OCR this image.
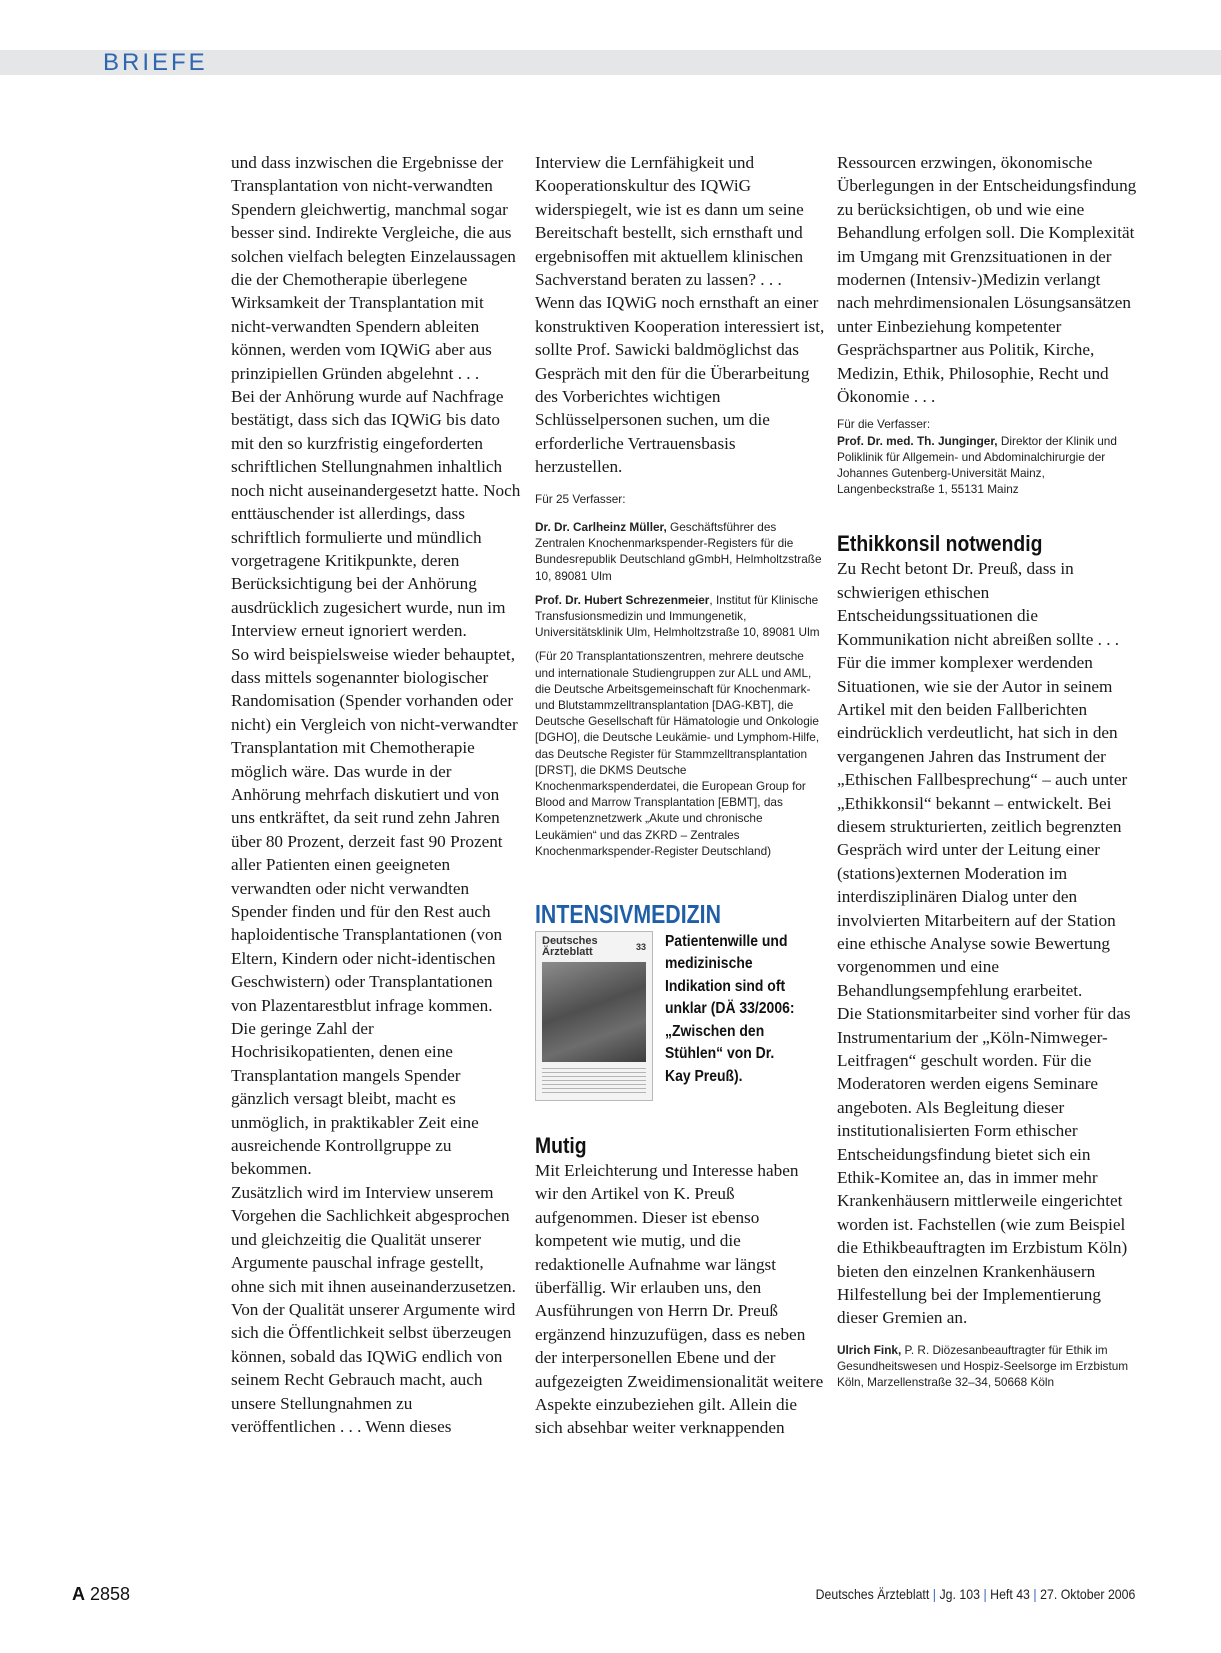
BRIEFE

und dass inzwischen die Ergebnisse der Transplantation von nicht-verwandten Spendern gleichwertig, manchmal sogar besser sind. Indirekte Vergleiche, die aus solchen vielfach belegten Einzelaussagen die der Chemotherapie überlegene Wirksamkeit der Transplantation mit nicht-verwandten Spendern ableiten können, werden vom IQWiG aber aus prinzipiellen Gründen abgelehnt . . .

Bei der Anhörung wurde auf Nachfrage bestätigt, dass sich das IQWiG bis dato mit den so kurzfristig eingeforderten schriftlichen Stellungnahmen inhaltlich noch nicht auseinandergesetzt hatte. Noch enttäuschender ist allerdings, dass schriftlich formulierte und mündlich vorgetragene Kritikpunkte, deren Berücksichtigung bei der Anhörung ausdrücklich zugesichert wurde, nun im Interview erneut ignoriert werden.

So wird beispielsweise wieder behauptet, dass mittels sogenannter biologischer Randomisation (Spender vorhanden oder nicht) ein Vergleich von nicht-verwandter Transplantation mit Chemotherapie möglich wäre. Das wurde in der Anhörung mehrfach diskutiert und von uns entkräftet, da seit rund zehn Jahren über 80 Prozent, derzeit fast 90 Prozent aller Patienten einen geeigneten verwandten oder nicht verwandten Spender finden und für den Rest auch haploidentische Transplantationen (von Eltern, Kindern oder nicht-identischen Geschwistern) oder Transplantationen von Plazentarestblut infrage kommen. Die geringe Zahl der Hochrisikopatienten, denen eine Transplantation mangels Spender gänzlich versagt bleibt, macht es unmöglich, in praktikabler Zeit eine ausreichende Kontrollgruppe zu bekommen.

Zusätzlich wird im Interview unserem Vorgehen die Sachlichkeit abgesprochen und gleichzeitig die Qualität unserer Argumente pauschal infrage gestellt, ohne sich mit ihnen auseinanderzusetzen. Von der Qualität unserer Argumente wird sich die Öffentlichkeit selbst überzeugen können, sobald das IQWiG endlich von seinem Recht Gebrauch macht, auch unsere Stellungnahmen zu veröffentlichen . . . Wenn dieses

Interview die Lernfähigkeit und Kooperationskultur des IQWiG widerspiegelt, wie ist es dann um seine Bereitschaft bestellt, sich ernsthaft und ergebnisoffen mit aktuellem klinischen Sachverstand beraten zu lassen? . . . Wenn das IQWiG noch ernsthaft an einer konstruktiven Kooperation interessiert ist, sollte Prof. Sawicki baldmöglichst das Gespräch mit den für die Überarbeitung des Vorberichtes wichtigen Schlüsselpersonen suchen, um die erforderliche Vertrauensbasis herzustellen.

Für 25 Verfasser:

Dr. Dr. Carlheinz Müller, Geschäftsführer des Zentralen Knochenmarkspender-Registers für die Bundesrepublik Deutschland gGmbH, Helmholtzstraße 10, 89081 Ulm

Prof. Dr. Hubert Schrezenmeier, Institut für Klinische Transfusionsmedizin und Immungenetik, Universitätsklinik Ulm, Helmholtzstraße 10, 89081 Ulm

(Für 20 Transplantationszentren, mehrere deutsche und internationale Studiengruppen zur ALL und AML, die Deutsche Arbeitsgemeinschaft für Knochenmark- und Blutstammzelltransplantation [DAG-KBT], die Deutsche Gesellschaft für Hämatologie und Onkologie [DGHO], die Deutsche Leukämie- und Lymphom-Hilfe, das Deutsche Register für Stammzelltransplantation [DRST], die DKMS Deutsche Knochenmarkspenderdatei, die European Group for Blood and Marrow Transplantation [EBMT], das Kompetenznetzwerk „Akute und chronische Leukämien“ und das ZKRD – Zentrales Knochenmarkspender-Register Deutschland)

INTENSIVMEDIZIN
Deutsches Ärzteblatt	33 Patientenwille und medizinische Indikation sind oft unklar (DÄ 33/2006: „Zwischen den Stühlen“ von Dr. Kay Preuß).
Mutig

Mit Erleichterung und Interesse haben wir den Artikel von K. Preuß aufgenommen. Dieser ist ebenso kompetent wie mutig, und die redaktionelle Aufnahme war längst überfällig. Wir erlauben uns, den Ausführungen von Herrn Dr. Preuß ergänzend hinzuzufügen, dass es neben der interpersonellen Ebene und der aufgezeigten Zweidimensionalität weitere Aspekte einzubeziehen gilt. Allein die sich absehbar weiter verknappenden

Ressourcen erzwingen, ökonomische Überlegungen in der Entscheidungsfindung zu berücksichtigen, ob und wie eine Behandlung erfolgen soll. Die Komplexität im Umgang mit Grenzsituationen in der modernen (Intensiv-)Medizin verlangt nach mehrdimensionalen Lösungsansätzen unter Einbeziehung kompetenter Gesprächspartner aus Politik, Kirche, Medizin, Ethik, Philosophie, Recht und Ökonomie . . .

Für die Verfasser:

Prof. Dr. med. Th. Junginger, Direktor der Klinik und Poliklinik für Allgemein- und Abdominalchirurgie der Johannes Gutenberg-Universität Mainz, Langenbeckstraße 1, 55131 Mainz

Ethikkonsil notwendig

Zu Recht betont Dr. Preuß, dass in schwierigen ethischen Entscheidungssituationen die Kommunikation nicht abreißen sollte . . .

Für die immer komplexer werdenden Situationen, wie sie der Autor in seinem Artikel mit den beiden Fallberichten eindrücklich verdeutlicht, hat sich in den vergangenen Jahren das Instrument der „Ethischen Fallbesprechung“ – auch unter „Ethikkonsil“ bekannt – entwickelt. Bei diesem strukturierten, zeitlich begrenzten Gespräch wird unter der Leitung einer (stations)externen Moderation im interdisziplinären Dialog unter den involvierten Mitarbeitern auf der Station eine ethische Analyse sowie Bewertung vorgenommen und eine Behandlungsempfehlung erarbeitet.

Die Stationsmitarbeiter sind vorher für das Instrumentarium der „Köln-Nimweger-Leitfragen“ geschult worden. Für die Moderatoren werden eigens Seminare angeboten. Als Begleitung dieser institutionalisierten Form ethischer Entscheidungsfindung bietet sich ein Ethik-Komitee an, das in immer mehr Krankenhäusern mittlerweile eingerichtet worden ist. Fachstellen (wie zum Beispiel die Ethikbeauftragten im Erzbistum Köln) bieten den einzelnen Krankenhäusern Hilfestellung bei der Implementierung dieser Gremien an.

Ulrich Fink, P. R. Diözesanbeauftragter für Ethik im Gesundheitswesen und Hospiz-Seelsorge im Erzbistum Köln, Marzellenstraße 32–34, 50668 Köln

A 2858	Deutsches Ärzteblatt | Jg. 103 | Heft 43 | 27. Oktober 2006
